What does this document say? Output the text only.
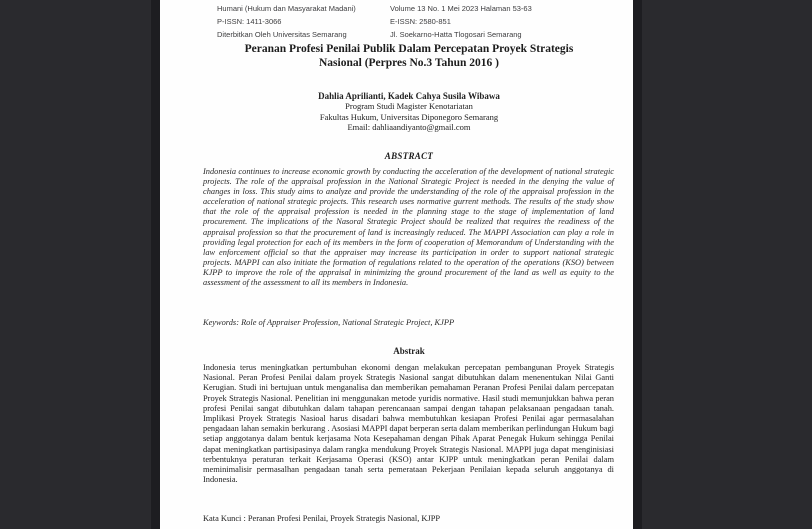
Humani (Hukum dan Masyarakat Madani)
P-ISSN: 1411-3066
Diterbitkan Oleh Universitas Semarang
Volume 13 No. 1 Mei 2023 Halaman 53-63
E-ISSN: 2580-851
Jl. Soekarno-Hatta Tlogosari Semarang
Peranan Profesi Penilai Publik Dalam Percepatan Proyek Strategis Nasional (Perpres No.3 Tahun 2016 )
Dahlia Aprilianti, Kadek Cahya Susila Wibawa
Program Studi Magister Kenotariatan
Fakultas Hukum, Universitas Diponegoro Semarang
Email: dahliaandiyanto@gmail.com
ABSTRACT
Indonesia continues to increase economic growth by conducting the acceleration of the development of national strategic projects. The role of the appraisal profession in the National Strategic Project is needed in the denying the value of changes in loss. This study aims to analyze and provide the understanding of the role of the appraisal profession in the acceleration of national strategic projects. This research uses normative gurrent methods. The results of the study show that the role of the appraisal profession is needed in the planning stage to the stage of implementation of land procurement. The implications of the Nasoral Strategic Project should be realized that requires the readiness of the appraisal profession so that the procurement of land is increasingly reduced. The MAPPI Association can play a role in providing legal protection for each of its members in the form of cooperation of Memorandum of Understanding with the law enforcement official so that the appraiser may increase its participation in order to support national strategic projects. MAPPI can also initiate the formation of regulations related to the operation of the operations (KSO) between KJPP to improve the role of the appraisal in minimizing the ground procurement of the land as well as equity to the assessment of the assessment to all its members in Indonesia.
Keywords: Role of Appraiser Profession, National Strategic Project, KJPP
Abstrak
Indonesia terus meningkatkan pertumbuhan ekonomi dengan melakukan percepatan pembangunan Proyek Strategis Nasional. Peran Profesi Penilai dalam proyek Strategis Nasional sangat dibutuhkan dalam menenentukan Nilai Ganti Kerugian. Studi ini bertujuan untuk menganalisa dan memberikan pemahaman Peranan Profesi Penilai dalam percepatan Proyek Strategis Nasional. Penelitian ini menggunakan metode yuridis normative. Hasil studi memunjukkan bahwa peran profesi Penilai sangat dibutuhkan dalam tahapan perencanaan sampai dengan tahapan pelaksanaan pengadaan tanah. Implikasi Proyek Strategis Nasioal harus disadari bahwa membutuhkan kesiapan Profesi Penilai agar permasalahan pengadaan lahan semakin berkurang . Asosiasi MAPPI dapat berperan serta dalam memberikan perlindungan Hukum bagi setiap anggotanya dalam bentuk kerjasama Nota Kesepahaman dengan Pihak Aparat Penegak Hukum sehingga Penilai dapat meningkatkan partisipasinya dalam rangka mendukung Proyek Strategis Nasional. MAPPI juga dapat menginisiasi terbentuknya peraturan terkait Kerjasama Operasi (KSO) antar KJPP untuk meningkatkan peran Penilai dalam meminimalisir permasalhan pengadaan tanah serta pemerataan Pekerjaan Penilaian kepada seluruh anggotanya di Indonesia.
Kata Kunci : Peranan Profesi Penilai, Proyek Strategis Nasional, KJPP
